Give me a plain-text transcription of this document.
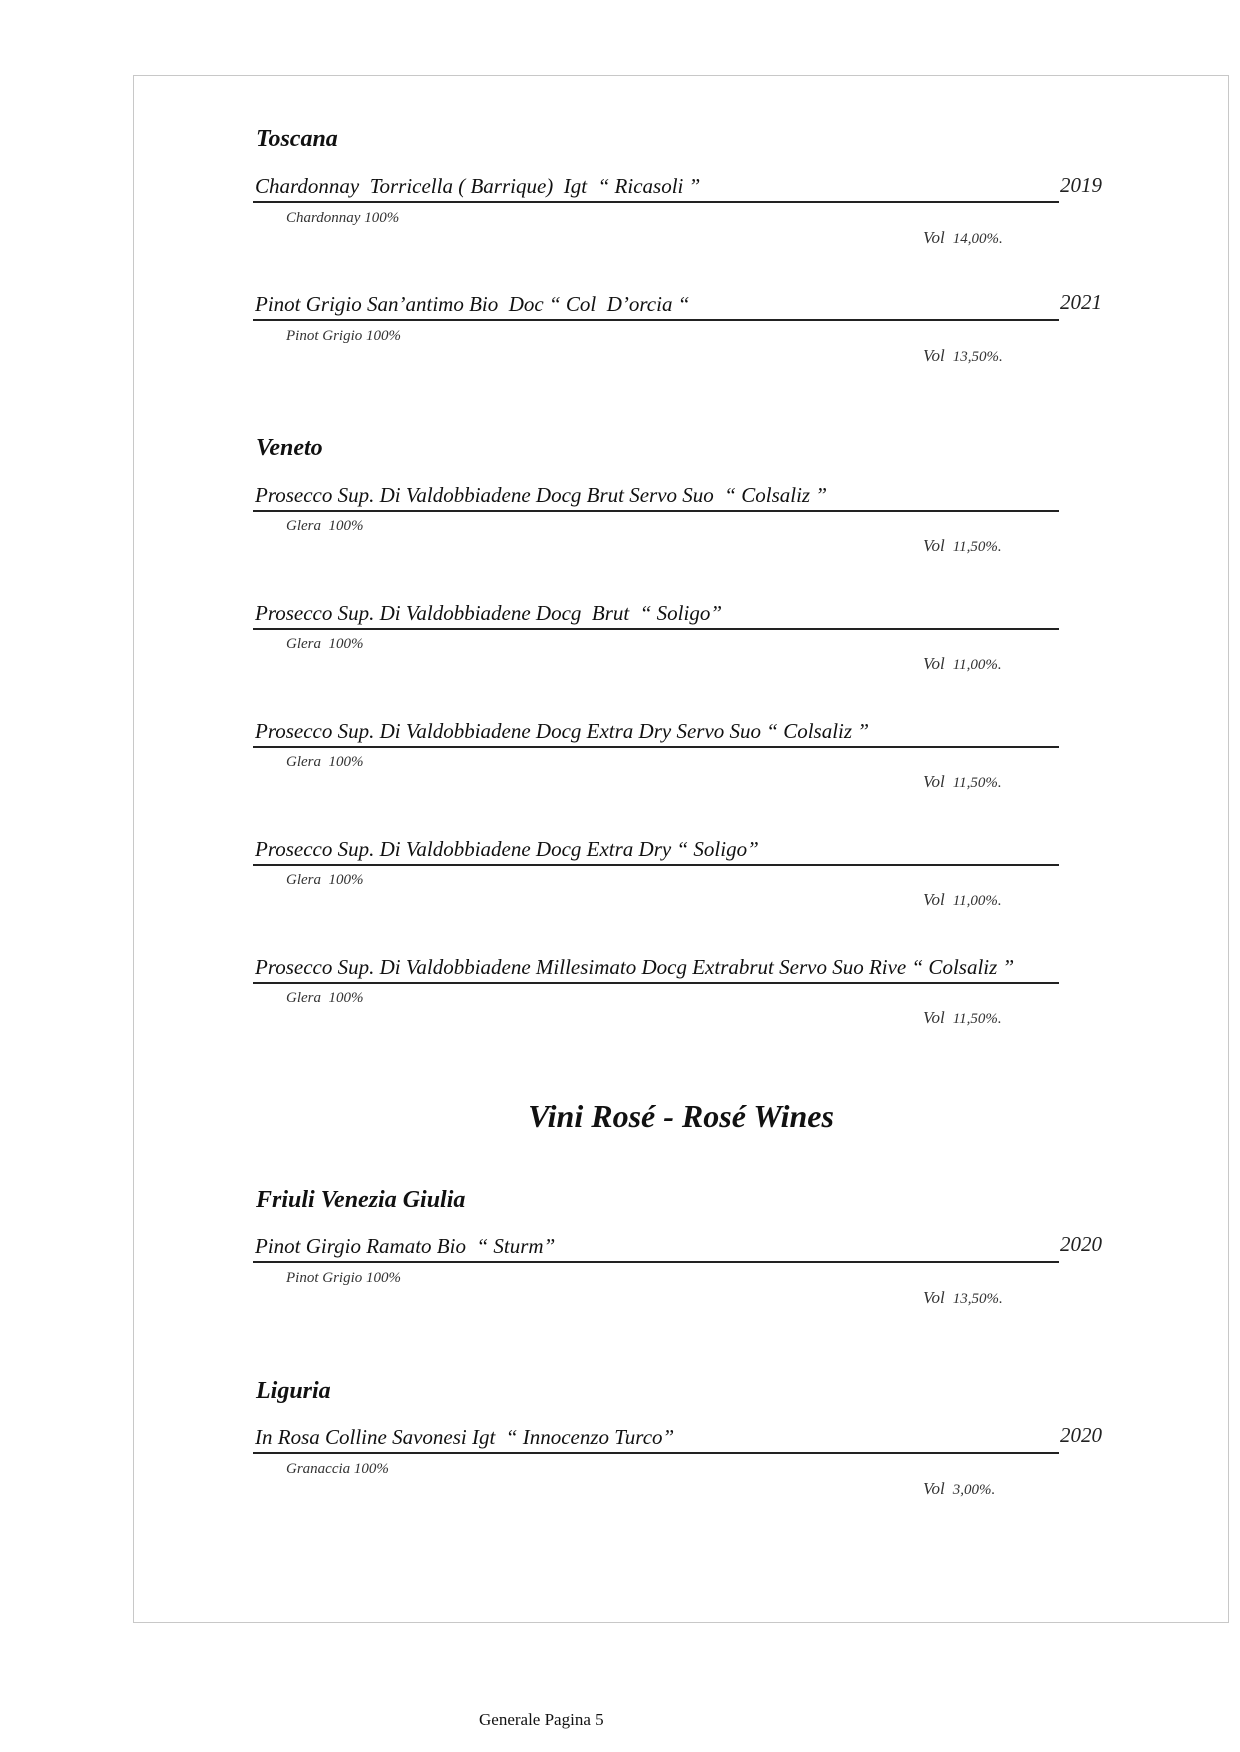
Toscana
Chardonnay  Torricella ( Barrique)  Igt  “ Ricasoli ”	2019
Chardonnay 100%

Vol 14,00%.

Pinot Grigio San’antimo Bio  Doc “ Col  D’orcia “	2021
Pinot Grigio 100%

Vol 13,50%.

Veneto
Prosecco Sup. Di Valdobbiadene Docg Brut Servo Suo  “ Colsaliz ”
Glera  100%

Vol 11,50%.

Prosecco Sup. Di Valdobbiadene Docg  Brut  “ Soligo”
Glera  100%

Vol 11,00%.

Prosecco Sup. Di Valdobbiadene Docg Extra Dry Servo Suo “ Colsaliz ”
Glera  100%

Vol 11,50%.

Prosecco Sup. Di Valdobbiadene Docg Extra Dry “ Soligo”
Glera  100%

Vol 11,00%.

Prosecco Sup. Di Valdobbiadene Millesimato Docg Extrabrut Servo Suo Rive “ Colsaliz ”
Glera  100%

Vol 11,50%.

Vini Rosé - Rosé Wines
Friuli Venezia Giulia
Pinot Girgio Ramato Bio  “ Sturm”	2020
Pinot Grigio 100%

Vol 13,50%.

Liguria
In Rosa Colline Savonesi Igt  “ Innocenzo Turco”	2020
Granaccia 100%

Vol 3,00%.

Generale Pagina 5
